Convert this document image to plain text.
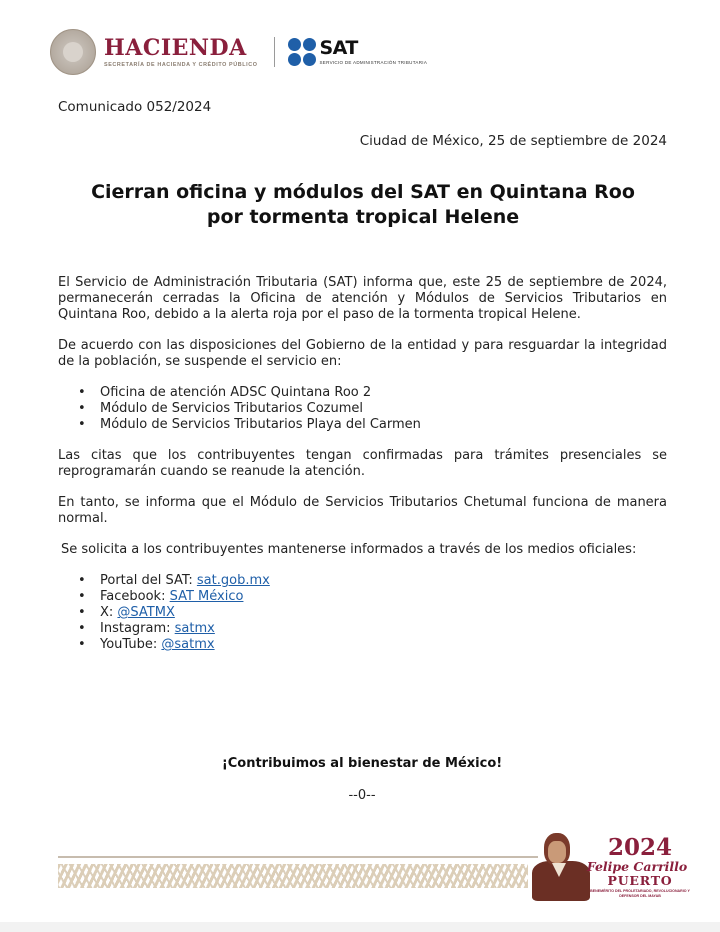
HACIENDA
SECRETARÍA DE HACIENDA Y CRÉDITO PÚBLICO
SAT
SERVICIO DE ADMINISTRACIÓN TRIBUTARIA
Comunicado 052/2024
Ciudad de México, 25 de septiembre de 2024
Cierran oficina y módulos del SAT en Quintana Roo
por tormenta tropical Helene

El Servicio de Administración Tributaria (SAT) informa que, este 25 de septiembre de 2024, permanecerán cerradas la Oficina de atención y Módulos de Servicios Tributarios en Quintana Roo, debido a la alerta roja por el paso de la tormenta tropical Helene.

De acuerdo con las disposiciones del Gobierno de la entidad y para resguardar la integridad de la población, se suspende el servicio en:

• Oficina de atención ADSC Quintana Roo 2
• Módulo de Servicios Tributarios Cozumel
• Módulo de Servicios Tributarios Playa del Carmen

Las citas que los contribuyentes tengan confirmadas para trámites presenciales se reprogramarán cuando se reanude la atención.

En tanto, se informa que el Módulo de Servicios Tributarios Chetumal funciona de manera normal.

Se solicita a los contribuyentes mantenerse informados a través de los medios oficiales:

• Portal del SAT: sat.gob.mx
• Facebook: SAT México
• X: @SATMX
• Instagram: satmx
• YouTube: @satmx
¡Contribuimos al bienestar de México!
--0--
2024
Felipe Carrillo
PUERTO
BENEMÉRITO DEL PROLETARIADO, REVOLUCIONARIO Y DEFENSOR DEL MAYAB
